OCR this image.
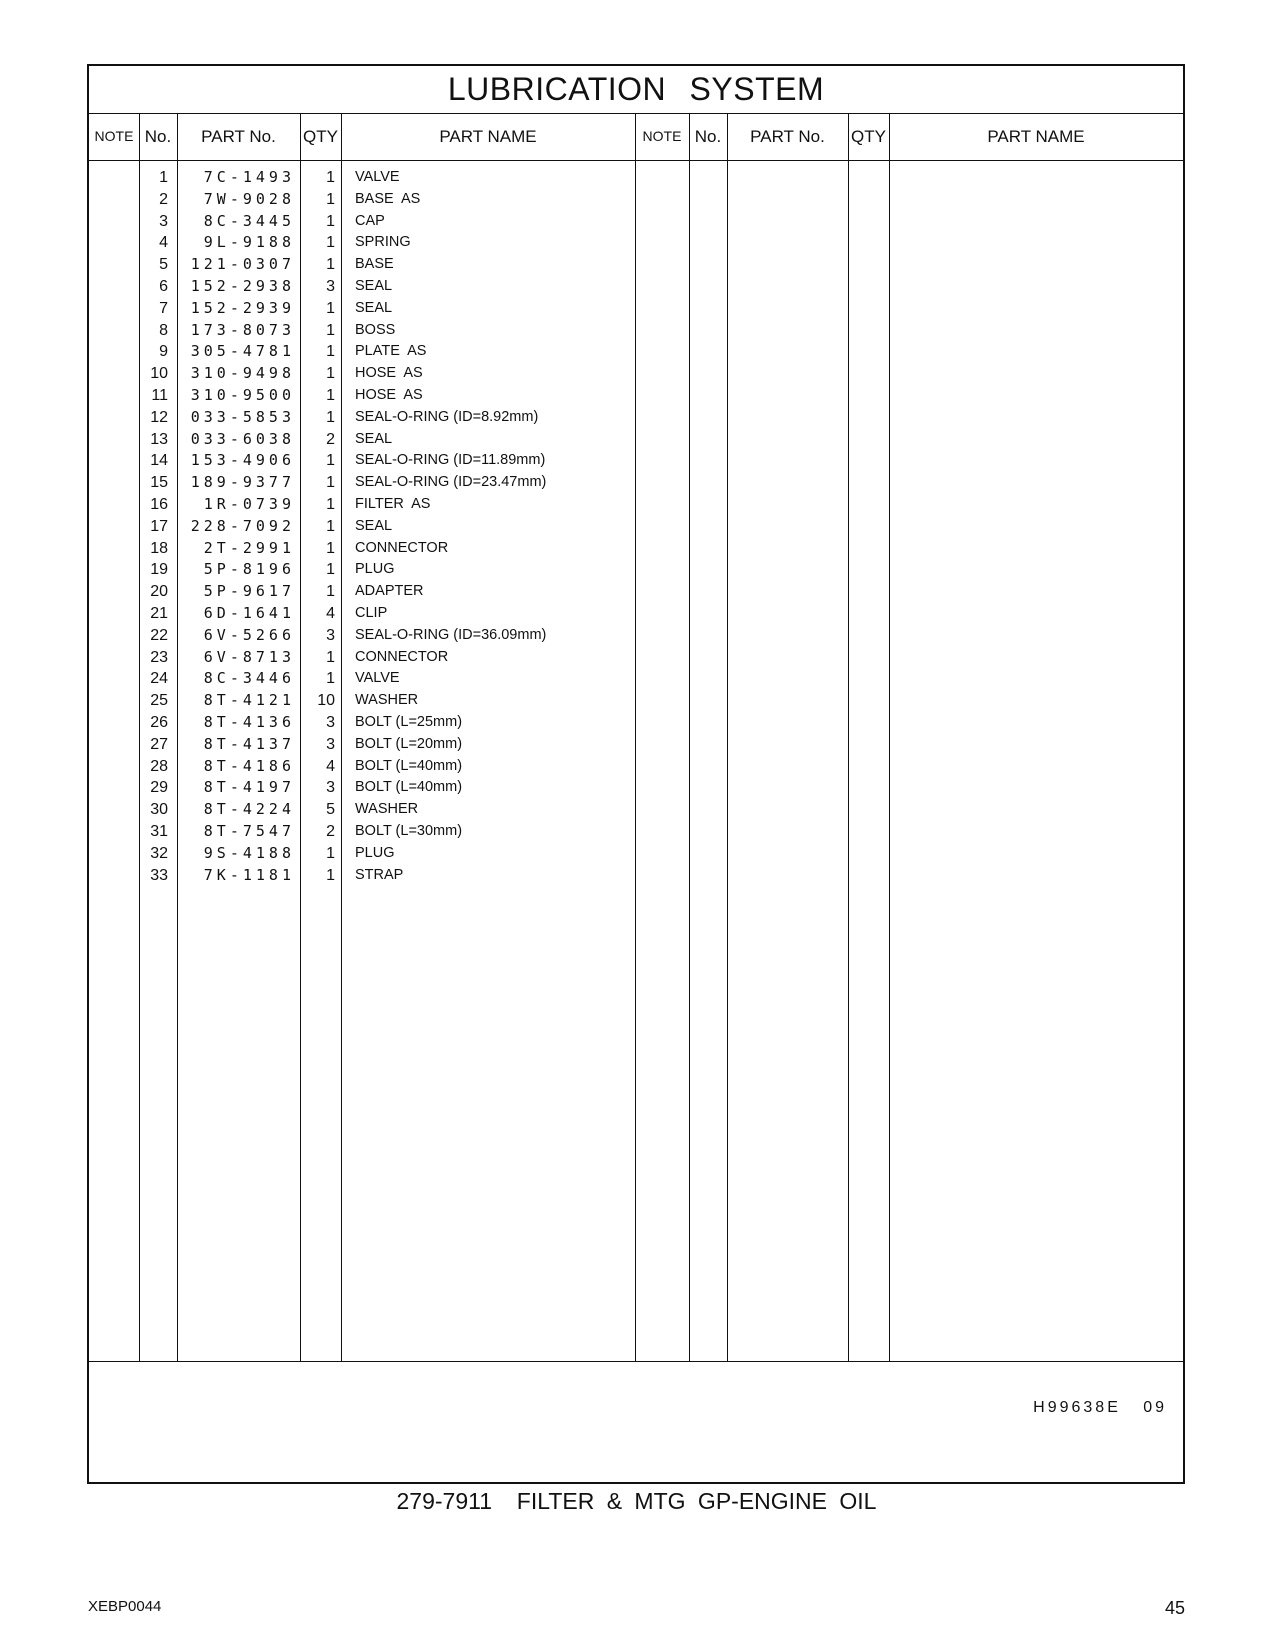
LUBRICATION SYSTEM
NOTE No.	PART No.	QTY	PART NAME	NOTE No.	PART No.	QTY	PART NAME
1	7C-1493	1 VALVE
2	7W-9028	1 BASE  AS
3	8C-3445	1 CAP
4	9L-9188	1 SPRING
5	121-0307	1 BASE
6	152-2938	3 SEAL
7	152-2939	1 SEAL
8	173-8073	1 BOSS
9	305-4781	1 PLATE  AS
10	310-9498	1 HOSE  AS
11	310-9500	1 HOSE  AS
12	033-5853	1 SEAL-O-RING (ID=8.92mm)
13	033-6038	2 SEAL
14	153-4906	1 SEAL-O-RING (ID=11.89mm)
15	189-9377	1 SEAL-O-RING (ID=23.47mm)
16	1R-0739	1 FILTER  AS
17	228-7092	1 SEAL
18	2T-2991	1 CONNECTOR
19	5P-8196	1 PLUG
20	5P-9617	1 ADAPTER
21	6D-1641	4 CLIP
22	6V-5266	3 SEAL-O-RING (ID=36.09mm)
23	6V-8713	1 CONNECTOR
24	8C-3446	1 VALVE
25	8T-4121	10 WASHER
26	8T-4136	3 BOLT (L=25mm)
27	8T-4137	3 BOLT (L=20mm)
28	8T-4186	4 BOLT (L=40mm)
29	8T-4197	3 BOLT (L=40mm)
30	8T-4224	5 WASHER
31	8T-7547	2 BOLT (L=30mm)
32	9S-4188	1 PLUG
33	7K-1181	1 STRAP
H99638E   09
279-7911  FILTER & MTG GP-ENGINE OIL
XEBP0044	45
